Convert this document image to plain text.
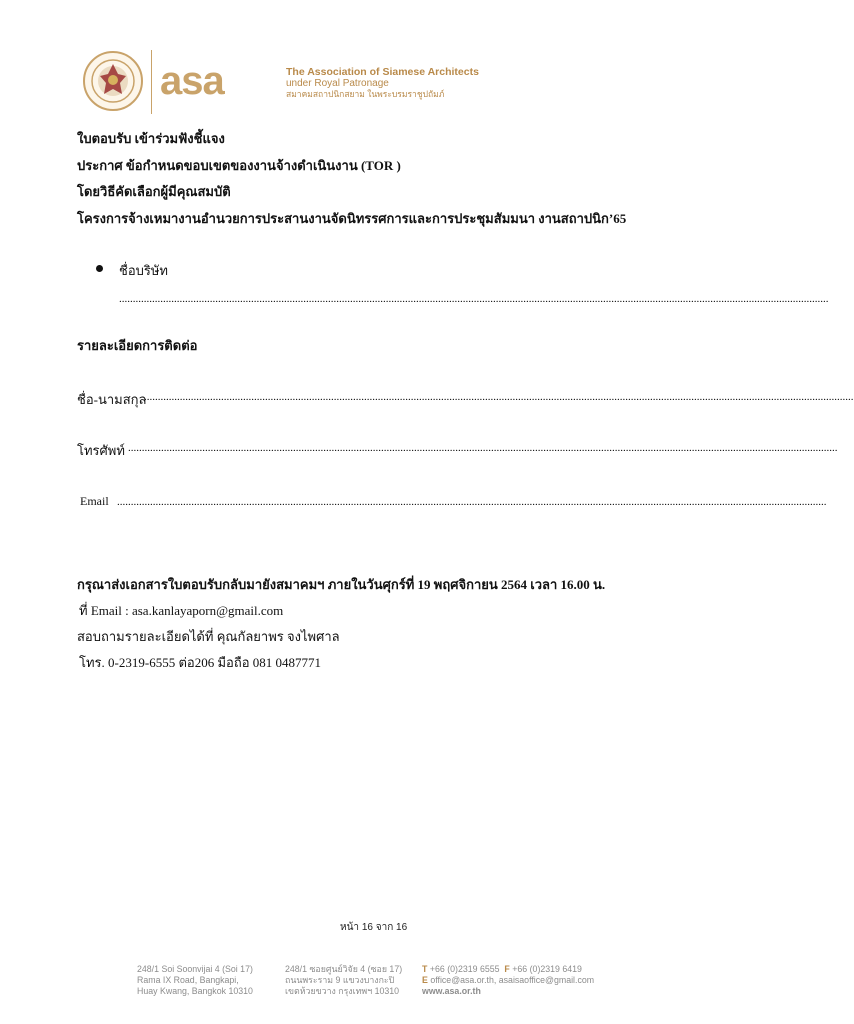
asa	The Association of Siamese Architects
under Royal Patronage
สมาคมสถาปนิกสยาม ในพระบรมราชูปถัมภ์
ใบตอบรับ เข้าร่วมฟังชี้แจง
ประกาศ ข้อกำหนดขอบเขตของงานจ้างดำเนินงาน (TOR )
โดยวิธีคัดเลือกผู้มีคุณสมบัติ
โครงการจ้างเหมางานอำนวยการประสานงานจัดนิทรรศการและการประชุมสัมมนา งานสถาปนิก’65
ชื่อบริษัท
..................................................................................................................................................................................................................................................................
รายละเอียดการติดต่อ
ชื่อ-นามสกุล
..................................................................................................................................................................................................................................................................
โทรศัพท์ ..................................................................................................................................................................................................................................................................
Email ..................................................................................................................................................................................................................................................................
กรุณาส่งเอกสารใบตอบรับกลับมายังสมาคมฯ ภายในวันศุกร์ที่ 19 พฤศจิกายน 2564 เวลา 16.00 น.
ที่ Email : asa.kanlayaporn@gmail.com
สอบถามรายละเอียดได้ที่ คุณกัลยาพร จงไพศาล
โทร. 0-2319-6555 ต่อ206 มือถือ 081 0487771
หน้า 16 จาก 16
248/1 Soi Soonvijai 4 (Soi 17)
Rama IX Road, Bangkapi,
Huay Kwang, Bangkok 10310
248/1 ซอยศูนย์วิจัย 4 (ซอย 17)
ถนนพระราม 9 แขวงบางกะปิ
เขตห้วยขวาง กรุงเทพฯ 10310
T +66 (0)2319 6555 F +66 (0)2319 6419
E office@asa.or.th, asaisaoffice@gmail.com
www.asa.or.th
